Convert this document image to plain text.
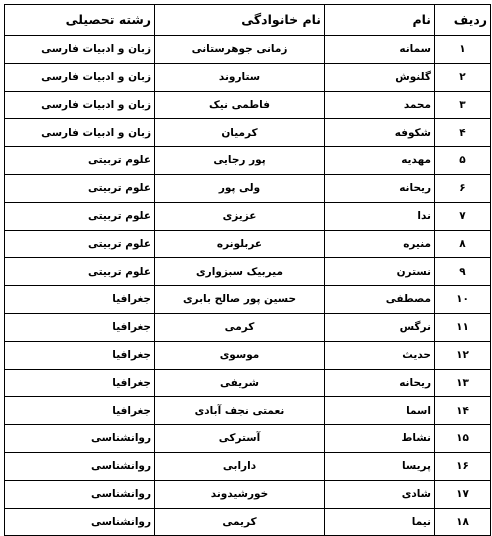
ردیف	نام	نام خانوادگی	رشته تحصیلی
۱	سمانه	زمانی جوهرستانی	زبان و ادبیات فارسی
۲	گلنوش	ستاروند	زبان و ادبیات فارسی
۳	محمد	فاطمی نیک	زبان و ادبیات فارسی
۴	شکوفه	کرمیان	زبان و ادبیات فارسی
۵	مهدیه	پور رجایی	علوم تربیتی
۶	ریحانه	ولی پور	علوم تربیتی
۷	ندا	عزیزی	علوم تربیتی
۸	منیره	عربلونره	علوم تربیتی
۹	نسترن	میربیک سبزواری	علوم تربیتی
۱۰	مصطفی	حسین پور صالح بابری	جغرافیا
۱۱	نرگس	کرمی	جغرافیا
۱۲	حدیث	موسوی	جغرافیا
۱۳	ریحانه	شریفی	جغرافیا
۱۴	اسما	نعمتی نجف آبادی	جغرافیا
۱۵	نشاط	آسترکی	روانشناسی
۱۶	پریسا	دارابی	روانشناسی
۱۷	شادی	خورشیدوند	روانشناسی
۱۸	نیما	کریمی	روانشناسی
